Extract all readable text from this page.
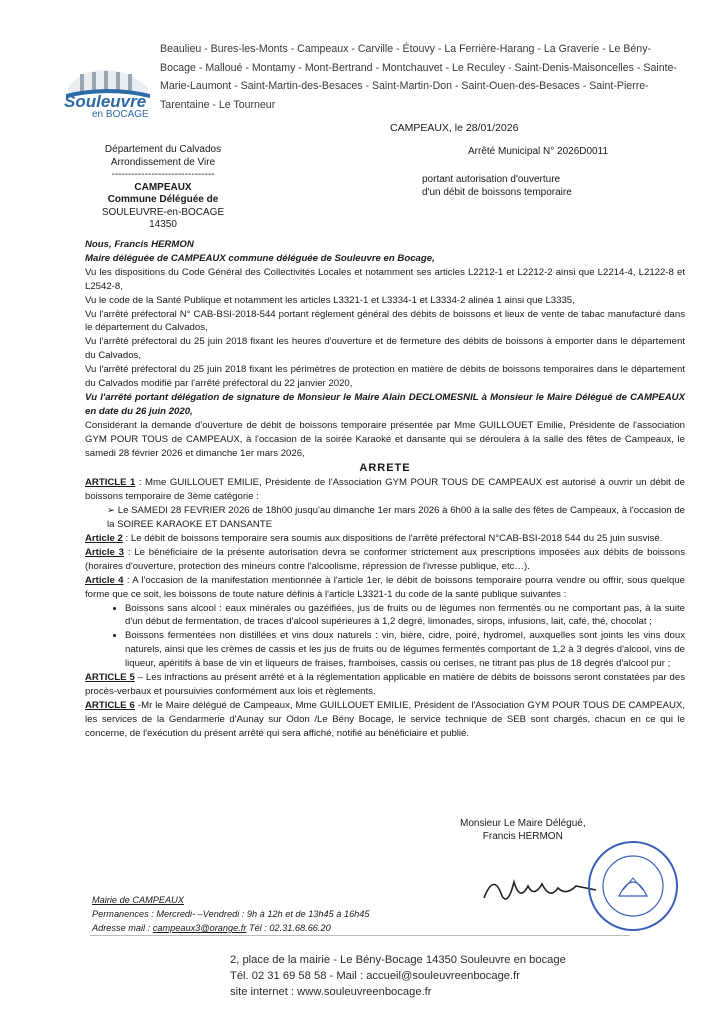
Souleuvre
en BOCAGE
Beaulieu - Bures-les-Monts - Campeaux - Carville - Étouvy - La Ferrière-Harang - La Graverie - Le Bény-Bocage - Malloué - Montamy - Mont-Bertrand - Montchauvet - Le Reculey - Saint-Denis-Maisoncelles - Sainte-Marie-Laumont - Saint-Martin-des-Besaces - Saint-Martin-Don - Saint-Ouen-des-Besaces - Saint-Pierre-Tarentaine - Le Tourneur
CAMPEAUX, le 28/01/2026
Département du Calvados
Arrondissement de Vire
-------------------------------
CAMPEAUX
Commune Déléguée de
SOULEUVRE-en-BOCAGE
14350
Arrêté Municipal N° 2026D0011
portant autorisation d'ouverture
d'un débit de boissons temporaire

Nous, Francis HERMON

Maire déléguée de CAMPEAUX commune déléguée de Souleuvre en Bocage,

Vu les dispositions du Code Général des Collectivités Locales et notamment ses articles L2212-1 et L2212-2 ainsi que L2214-4, L2122-8 et L2542-8,

Vu le code de la Santé Publique et notamment les articles L3321-1 et L3334-1 et L3334-2 alinéa 1 ainsi que L3335,

Vu l'arrêté préfectoral N° CAB-BSI-2018-544 portant règlement général des débits de boissons et lieux de vente de tabac manufacturé dans le département du Calvados,

Vu l'arrêté préfectoral du 25 juin 2018 fixant les heures d'ouverture et de fermeture des débits de boissons à emporter dans le département du Calvados,

Vu l'arrêté préfectoral du 25 juin 2018 fixant les périmètres de protection en matière de débits de boissons temporaires dans le département du Calvados modifié par l'arrêté préfectoral du 22 janvier 2020,

Vu l'arrêté portant délégation de signature de Monsieur le Maire Alain DECLOMESNIL à Monsieur le Maire Délégué de CAMPEAUX en date du 26 juin 2020,

Considérant la demande d'ouverture de débit de boissons temporaire présentée par Mme GUILLOUET Emilie, Présidente de l'association GYM POUR TOUS de CAMPEAUX, à l'occasion de la soirée Karaoké et dansante qui se déroulera à la salle des fêtes de Campeaux, le samedi 28 février 2026 et dimanche 1er mars 2026,

ARRETE

ARTICLE 1 : Mme GUILLOUET EMILIE, Présidente de l'Association GYM POUR TOUS DE CAMPEAUX est autorisé à ouvrir un débit de boissons temporaire de 3ème catégorie :

➢ Le SAMEDI 28 FEVRIER 2026 de 18h00 jusqu'au dimanche 1er mars 2026 à 6h00 à la salle des fêtes de Campeaux, à l'occasion de la SOIREE KARAOKE ET DANSANTE

Article 2 : Le débit de boissons temporaire sera soumis aux dispositions de l'arrêté préfectoral N°CAB-BSI-2018 544 du 25 juin susvisé.

Article 3 : Le bénéficiaire de la présente autorisation devra se conformer strictement aux prescriptions imposées aux débits de boissons (horaires d'ouverture, protection des mineurs contre l'alcoolisme, répression de l'ivresse publique, etc…).

Article 4 : A l'occasion de la manifestation mentionnée à l'article 1er, le débit de boissons temporaire pourra vendre ou offrir, sous quelque forme que ce soit, les boissons de toute nature définis à l'article L3321-1 du code de la santé publique suivantes :

• Boissons sans alcool : eaux minérales ou gazéifiées, jus de fruits ou de légumes non fermentés ou ne comportant pas, à la suite d'un début de fermentation, de traces d'alcool supérieures à 1,2 degré, limonades, sirops, infusions, lait, café, thé, chocolat ;
• Boissons fermentées non distillées et vins doux naturels : vin, bière, cidre, poiré, hydromel, auxquelles sont joints les vins doux naturels, ainsi que les crèmes de cassis et les jus de fruits ou de légumes fermentés comportant de 1,2 à 3 degrés d'alcool, vins de liqueur, apéritifs à base de vin et liqueurs de fraises, framboises, cassis ou cerises, ne titrant pas plus de 18 degrés d'alcool pur ;

ARTICLE 5 – Les infractions au présent arrêté et à la réglementation applicable en matière de débits de boissons seront constatées par des procès-verbaux et poursuivies conformément aux lois et règlements.

ARTICLE 6 -Mr le Maire délégué de Campeaux, Mme GUILLOUET EMILIE, Président de l'Association GYM POUR TOUS DE CAMPEAUX, les services de la Gendarmerie d'Aunay sur Odon /Le Bény Bocage, le service technique de SEB sont chargés, chacun en ce qui le concerne, de l'exécution du présent arrêté qui sera affiché, notifié au bénéficiaire et publié.

Monsieur Le Maire Délégué,
Francis HERMON
Mairie de CAMPEAUX
Permanences : Mercredi- –Vendredi : 9h à 12h et de 13h45 à 16h45
Adresse mail : campeaux3@orange.fr Tél : 02.31.68.66.20
2, place de la mairie - Le Bény-Bocage 14350 Souleuvre en bocage
Tél. 02 31 69 58 58 - Mail : accueil@souleuvreenbocage.fr
site internet : www.souleuvreenbocage.fr
